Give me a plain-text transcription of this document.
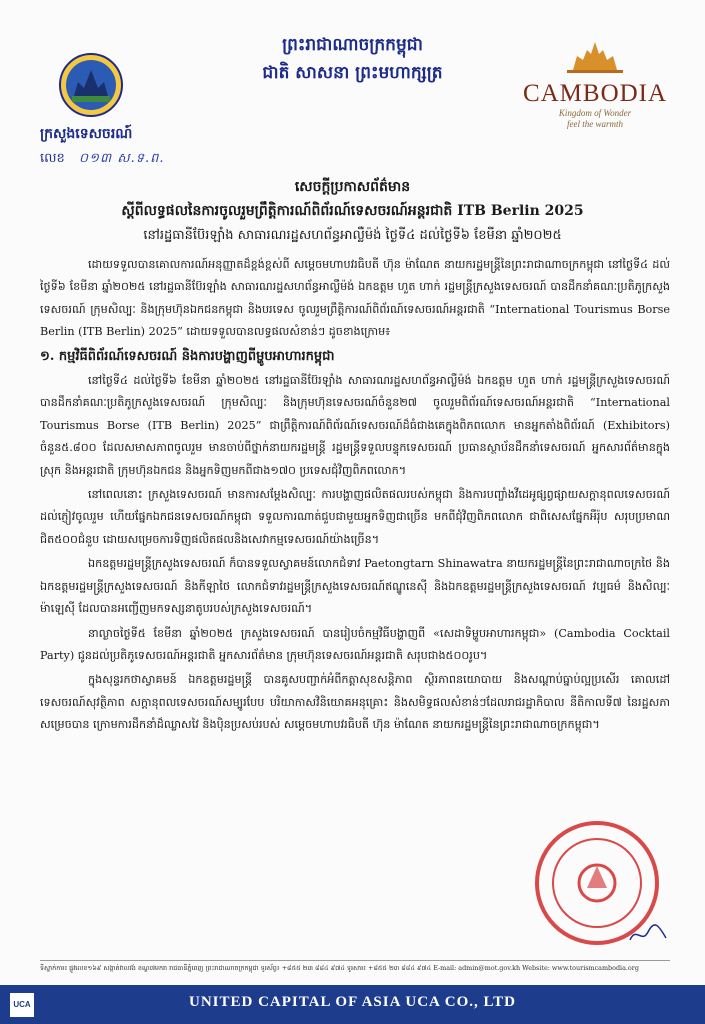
ក្រសួងទេសចរណ៍
លេខ ០១៣ ស.ទ.ព.
ព្រះរាជាណាចក្រកម្ពុជា
ជាតិ សាសនា ព្រះមហាក្សត្រ
CAMBODIA
Kingdom of Wonder
feel the warmth
សេចក្តីប្រកាសព័ត៌មាន
ស្តីពីលទ្ធផលនៃការចូលរួមព្រឹត្តិការណ៍ពិព័រណ៍ទេសចរណ៍អន្តរជាតិ ITB Berlin 2025
នៅរដ្ឋធានីប៊ែរឡាំង សាធារណរដ្ឋសហព័ន្ធអាល្លឺម៉ង់ ថ្ងៃទី៤ ដល់ថ្ងៃទី៦ ខែមីនា ឆ្នាំ២០២៥

ដោយទទួលបានគោលការណ៍អនុញ្ញាតដ៏ខ្ពង់ខ្ពស់ពី សម្តេចមហាបវរធិបតី ហ៊ុន ម៉ាណែត នាយករដ្ឋមន្ត្រីនៃព្រះរាជាណាចក្រកម្ពុជា នៅថ្ងៃទី៤ ដល់ថ្ងៃទី៦ ខែមីនា ឆ្នាំ២០២៥ នៅរដ្ឋធានីប៊ែរឡាំង សាធារណរដ្ឋសហព័ន្ធអាល្លឺម៉ង់ ឯកឧត្តម ហួត ហាក់ រដ្ឋមន្ត្រីក្រសួងទេសចរណ៍ បានដឹកនាំគណៈប្រតិភូក្រសួងទេសចរណ៍ ក្រុមសិល្បៈ និងក្រុមហ៊ុនឯកជនកម្ពុជា និងបរទេស ចូលរួមព្រឹត្តិការណ៍ពិព័រណ៍ទេសចរណ៍អន្តរជាតិ “International Tourismus Borse Berlin (ITB Berlin) 2025” ដោយទទួលបានលទ្ធផលសំខាន់ៗ ដូចខាងក្រោម៖

១. កម្មវិធីពិព័រណ៍ទេសចរណ៍ និងការបង្ហាញពីម្ហូបអាហារកម្ពុជា

នៅថ្ងៃទី៤ ដល់ថ្ងៃទី៦ ខែមីនា ឆ្នាំ២០២៥ នៅរដ្ឋធានីប៊ែរឡាំង សាធារណរដ្ឋសហព័ន្ធអាល្លឺម៉ង់ ឯកឧត្តម ហួត ហាក់ រដ្ឋមន្ត្រីក្រសួងទេសចរណ៍ បានដឹកនាំគណៈប្រតិភូក្រសួងទេសចរណ៍ ក្រុមសិល្បៈ និងក្រុមហ៊ុនទេសចរណ៍ចំនួន២៧ ចូលរួមពិព័រណ៍ទេសចរណ៍អន្តរជាតិ “International Tourismus Borse (ITB Berlin) 2025” ជាព្រឹត្តិការណ៍ពិព័រណ៍ទេសចរណ៍ដ៏ធំជាងគេក្នុងពិភពលោក មានអ្នកតាំងពិព័រណ៍ (Exhibitors) ចំនួន៥.៨០០ ដែលសមាសភាពចូលរួម មានចាប់ពីថ្នាក់នាយករដ្ឋមន្ត្រី រដ្ឋមន្ត្រីទទួលបន្ទុកទេសចរណ៍ ប្រធានស្ថាប័នដឹកនាំទេសចរណ៍ អ្នកសារព័ត៌មានក្នុងស្រុក និងអន្តរជាតិ ក្រុមហ៊ុនឯកជន និងអ្នកទិញមកពីជាង១៧០ ប្រទេសជុំវិញពិភពលោក។

នៅពេលនោះ ក្រសួងទេសចរណ៍ មានការសម្តែងសិល្បៈ ការបង្ហាញផលិតផលរបស់កម្ពុជា និងការបញ្ចាំងវីដេអូផ្សព្វផ្សាយសក្តានុពលទេសចរណ៍ដល់ភ្ញៀវចូលរួម ហើយផ្នែកឯកជនទេសចរណ៍កម្ពុជា ទទួលការណាត់ជួបជាមួយអ្នកទិញជាច្រើន មកពីជុំវិញពិភពលោក ជាពិសេសផ្នែកអឺរ៉ុប សរុបប្រមាណជិត៥០០ជំនួប ដោយសម្រេចការទិញផលិតផលនិងសេវាកម្មទេសចរណ៍យ៉ាងច្រើន។

ឯកឧត្តមរដ្ឋមន្ត្រីក្រសួងទេសចរណ៍ ក៏បានទទួលស្វាគមន៍លោកជំទាវ Paetongtarn Shinawatra នាយករដ្ឋមន្ត្រីនៃព្រះរាជាណាចក្រថៃ និងឯកឧត្តមរដ្ឋមន្ត្រីក្រសួងទេសចរណ៍ និងកីឡាថៃ លោកជំទាវរដ្ឋមន្ត្រីក្រសួងទេសចរណ៍ឥណ្ឌូនេស៊ី និងឯកឧត្តមរដ្ឋមន្ត្រីក្រសួងទេសចរណ៍ វប្បធម៌ និងសិល្បៈម៉ាឡេស៊ី ដែលបានអញ្ជើញមកទស្សនាតូបរបស់ក្រសួងទេសចរណ៍។

នាល្ងាចថ្ងៃទី៥ ខែមីនា ឆ្នាំ២០២៥ ក្រសួងទេសចរណ៍ បានរៀបចំកម្មវិធីបង្ហាញពី «សេដាទិម្ហូបអាហារកម្ពុជា» (Cambodia Cocktail Party) ជូនដល់ប្រតិភូទេសចរណ៍អន្តរជាតិ អ្នកសារព័ត៌មាន ក្រុមហ៊ុនទេសចរណ៍អន្តរជាតិ សរុបជាង៥០០រូប។

ក្នុងសុន្ទរកថាស្វាគមន៍ ឯកឧត្តមរដ្ឋមន្ត្រី បានគូសបញ្ជាក់អំពីកត្តាសុខសន្តិភាព ស្ថិរភាពនយោបាយ និងសណ្តាប់ធ្នាប់ល្អប្រសើរ គោលដៅទេសចរណ៍សុវត្ថិភាព សក្តានុពលទេសចរណ៍សម្បូរបែប បរិយាកាសវិនិយោគអនុគ្រោះ និងសមិទ្ធផលសំខាន់ៗដែលរាជរដ្ឋាភិបាល នីតិកាលទី៧ នៃរដ្ឋសភា សម្រេចបាន ក្រោមការដឹកនាំដ៏ឈ្លាសវៃ និងប៉ិនប្រសប់របស់ សម្តេចមហាបវរធិបតី ហ៊ុន ម៉ាណែត នាយករដ្ឋមន្ត្រីនៃព្រះរាជាណាចក្រកម្ពុជា។

ទីស្នាក់ការ៖ ផ្លូវលេខ១៦៩ សង្កាត់វាលវង់ ខណ្ឌ៧មករា រាជធានីភ្នំពេញ ព្រះរាជាណាចក្រកម្ពុជា ទូរស័ព្ទ៖ +៨៥៥ ២៣ ៨៨៤ ៩៧៤ ទូរសារ៖ +៨៥៥ ២៣ ៨៨៤ ៩៧៤ E-mail: admin@mot.gov.kh Website: www.tourismcambodia.org
UCA	UNITED CAPITAL OF ASIA UCA CO., LTD
